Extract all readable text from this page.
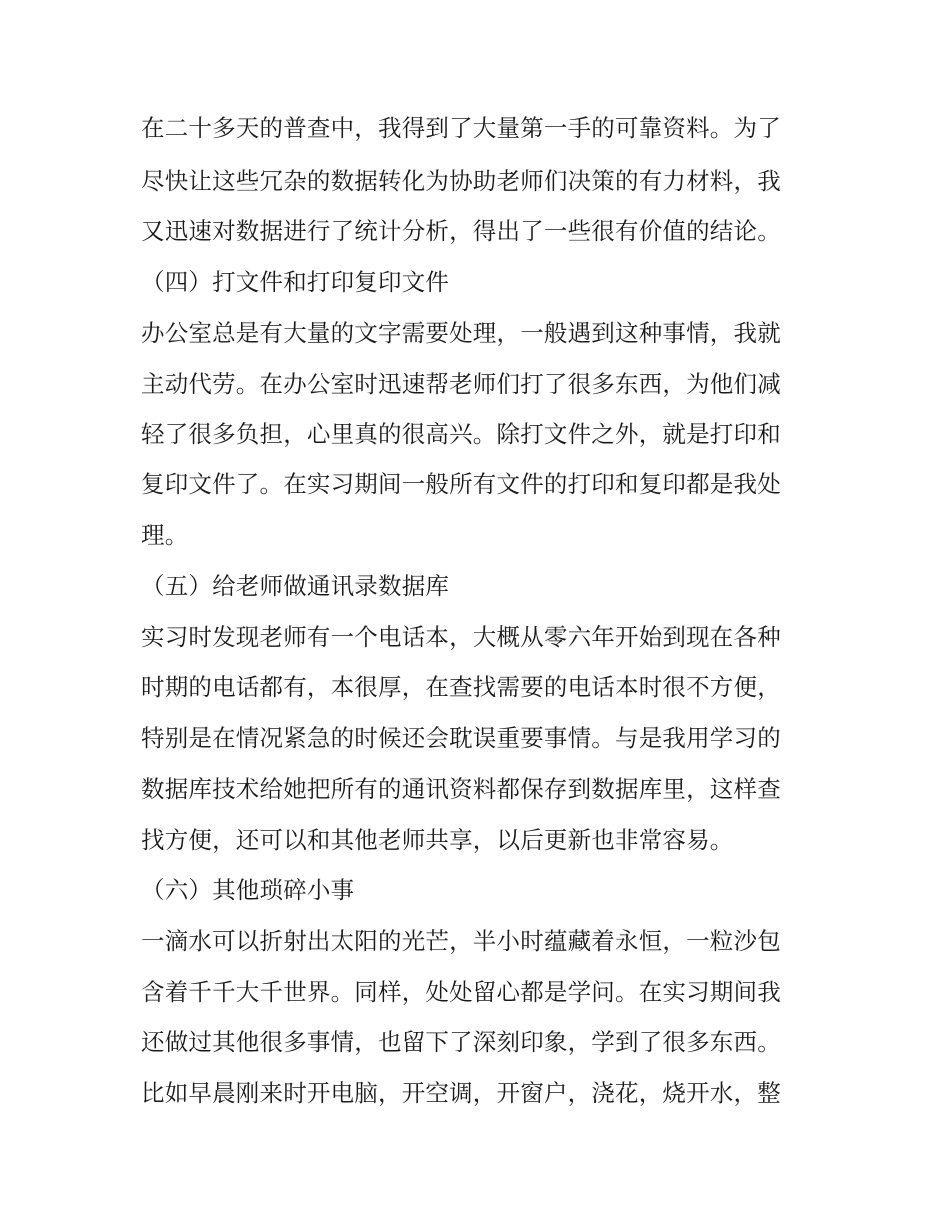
在二十多天的普查中，我得到了大量第一手的可靠资料。为了
尽快让这些冗杂的数据转化为协助老师们决策的有力材料，我
又迅速对数据进行了统计分析，得出了一些很有价值的结论。
（四）打文件和打印复印文件
办公室总是有大量的文字需要处理，一般遇到这种事情，我就
主动代劳。在办公室时迅速帮老师们打了很多东西，为他们减
轻了很多负担，心里真的很高兴。除打文件之外，就是打印和
复印文件了。在实习期间一般所有文件的打印和复印都是我处
理。
（五）给老师做通讯录数据库
实习时发现老师有一个电话本，大概从零六年开始到现在各种
时期的电话都有，本很厚，在查找需要的电话本时很不方便，
特别是在情况紧急的时候还会耽误重要事情。与是我用学习的
数据库技术给她把所有的通讯资料都保存到数据库里，这样查
找方便，还可以和其他老师共享，以后更新也非常容易。
（六）其他琐碎小事
一滴水可以折射出太阳的光芒，半小时蕴藏着永恒，一粒沙包
含着千千大千世界。同样，处处留心都是学问。在实习期间我
还做过其他很多事情，也留下了深刻印象，学到了很多东西。
比如早晨刚来时开电脑，开空调，开窗户，浇花，烧开水，整
